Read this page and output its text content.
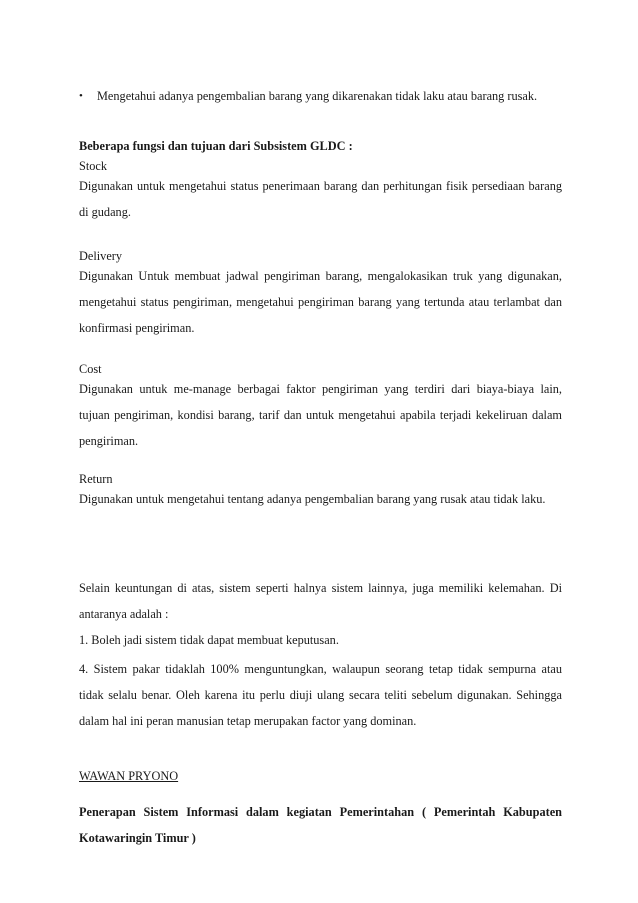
•	Mengetahui adanya pengembalian barang yang dikarenakan tidak laku atau barang rusak.
Beberapa fungsi dan tujuan dari Subsistem GLDC :
Stock
Digunakan untuk mengetahui status penerimaan barang dan perhitungan fisik persediaan barang di gudang.
Delivery
Digunakan Untuk membuat jadwal pengiriman barang, mengalokasikan truk yang digunakan, mengetahui status pengiriman, mengetahui pengiriman barang yang tertunda atau terlambat dan konfirmasi pengiriman.
Cost
Digunakan untuk me-manage berbagai faktor pengiriman yang terdiri dari biaya-biaya lain, tujuan pengiriman, kondisi barang, tarif dan untuk mengetahui apabila terjadi kekeliruan dalam pengiriman.
Return
Digunakan untuk mengetahui tentang adanya pengembalian barang yang rusak atau tidak laku.
Selain keuntungan di atas, sistem seperti halnya sistem lainnya, juga memiliki kelemahan. Di antaranya adalah :
1. Boleh jadi sistem tidak dapat membuat keputusan.
4. Sistem pakar tidaklah 100% menguntungkan, walaupun seorang tetap tidak sempurna atau tidak selalu benar. Oleh karena itu perlu diuji ulang secara teliti sebelum digunakan. Sehingga dalam hal ini peran manusian tetap merupakan factor yang dominan.
WAWAN PRYONO
Penerapan Sistem Informasi dalam kegiatan Pemerintahan ( Pemerintah Kabupaten Kotawaringin Timur )
